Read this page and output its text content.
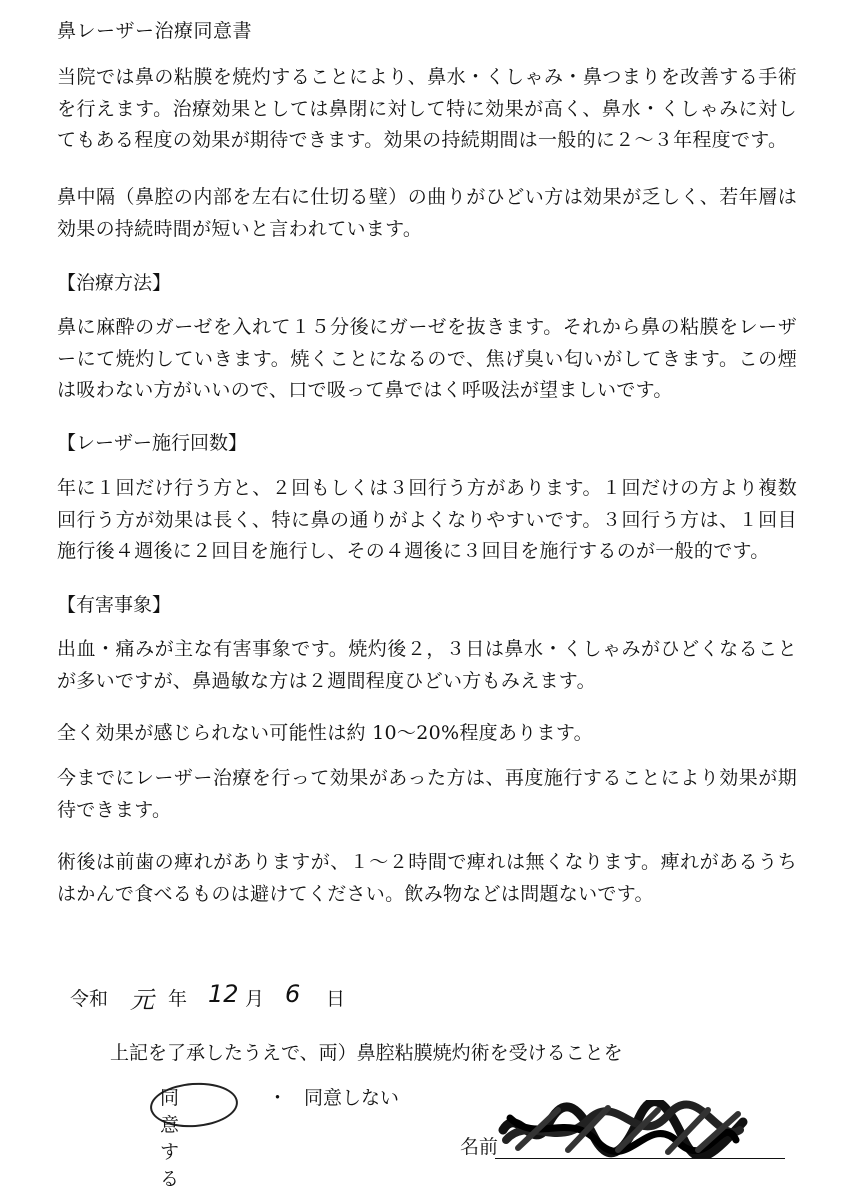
鼻レーザー治療同意書
当院では鼻の粘膜を焼灼することにより、鼻水・くしゃみ・鼻つまりを改善する手術を行えます。治療効果としては鼻閉に対して特に効果が高く、鼻水・くしゃみに対してもある程度の効果が期待できます。効果の持続期間は一般的に２～３年程度です。
鼻中隔（鼻腔の内部を左右に仕切る壁）の曲りがひどい方は効果が乏しく、若年層は効果の持続時間が短いと言われています。
【治療方法】
鼻に麻酔のガーゼを入れて１５分後にガーゼを抜きます。それから鼻の粘膜をレーザーにて焼灼していきます。焼くことになるので、焦げ臭い匂いがしてきます。この煙は吸わない方がいいので、口で吸って鼻ではく呼吸法が望ましいです。
【レーザー施行回数】
年に１回だけ行う方と、２回もしくは３回行う方があります。１回だけの方より複数回行う方が効果は長く、特に鼻の通りがよくなりやすいです。３回行う方は、１回目施行後４週後に２回目を施行し、その４週後に３回目を施行するのが一般的です。
【有害事象】
出血・痛みが主な有害事象です。焼灼後２，３日は鼻水・くしゃみがひどくなることが多いですが、鼻過敏な方は２週間程度ひどい方もみえます。
全く効果が感じられない可能性は約 10～20%程度あります。
今までにレーザー治療を行って効果があった方は、再度施行することにより効果が期待できます。
術後は前歯の痺れがありますが、１～２時間で痺れは無くなります。痺れがあるうちはかんで食べるものは避けてください。飲み物などは問題ないです。
令和 元 年 12 月 6 日
上記を了承したうえで、両）鼻腔粘膜焼灼術を受けることを
同意する
・ 同意しない
名前
